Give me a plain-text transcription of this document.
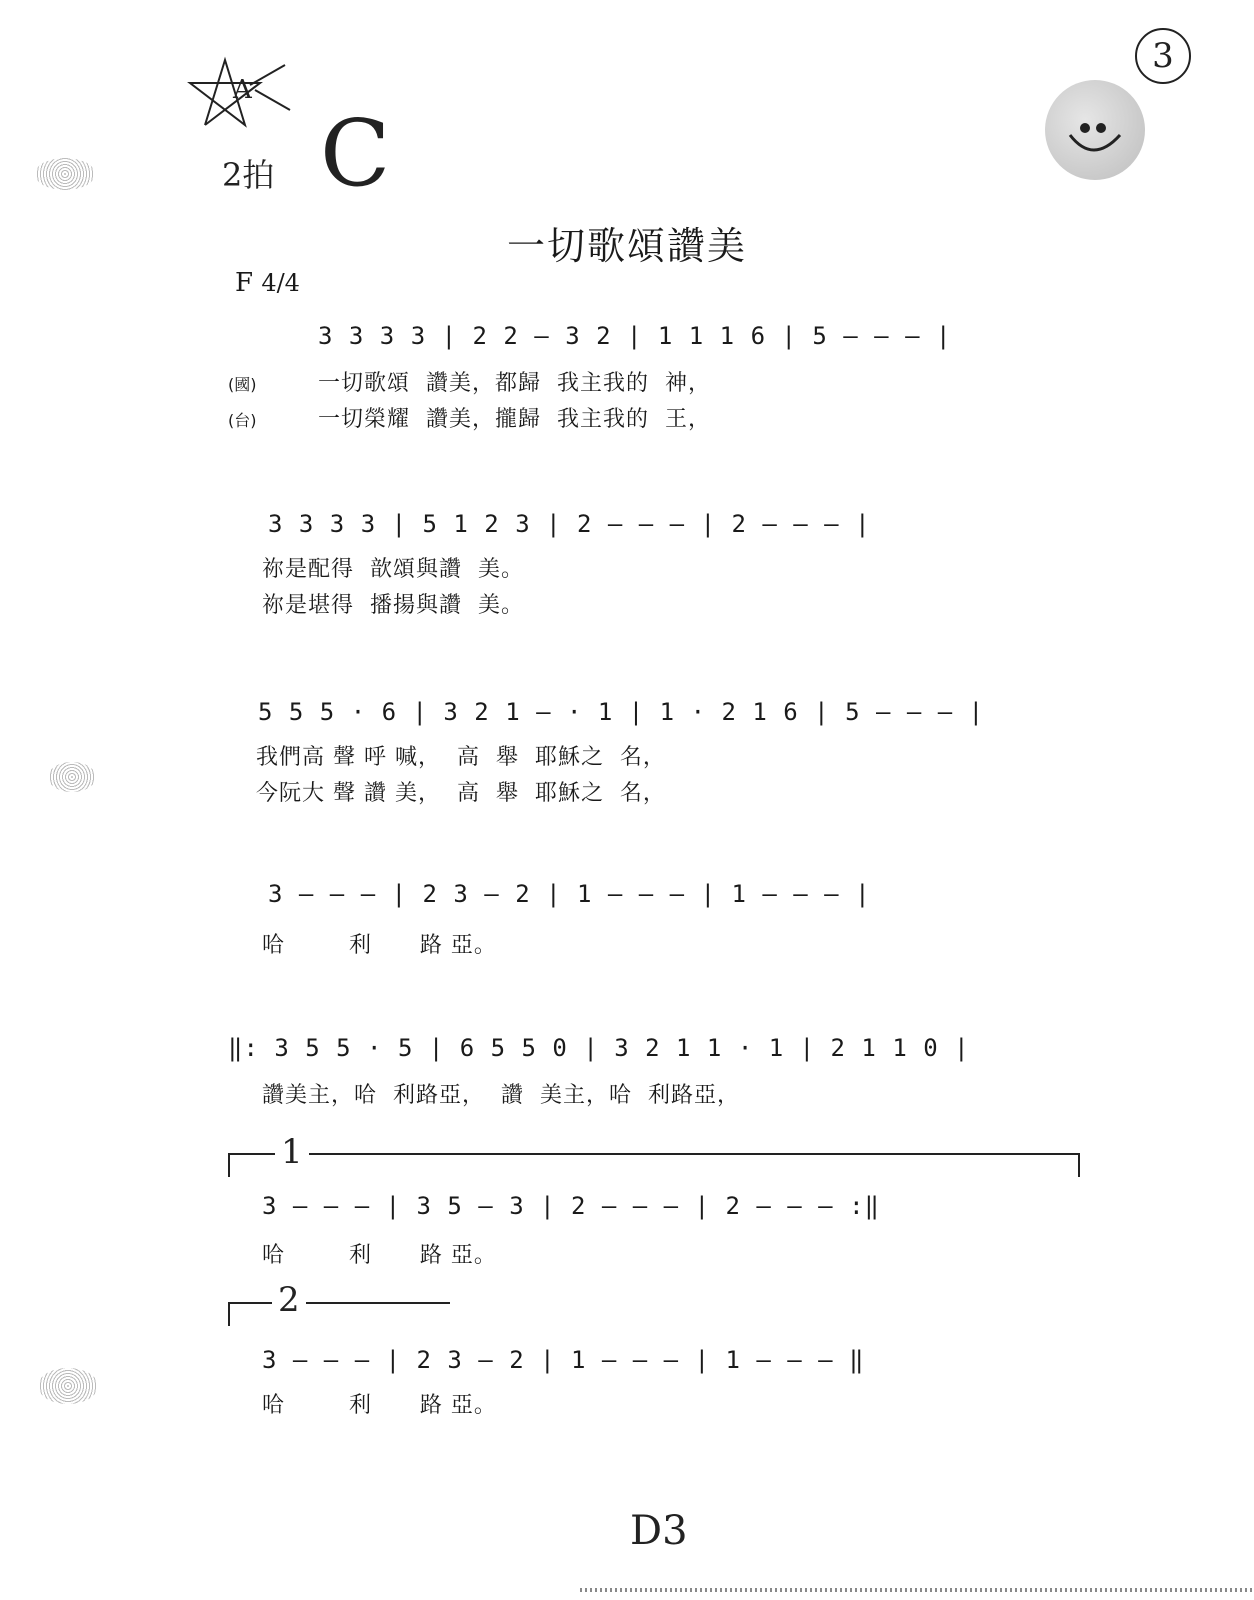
A
2拍 C
3
一切歌頌讚美
F 4/4
3 3 3 3 | 2 2 — 3 2 | 1 1 1 6 | 5 — — — |
(國)	一切歌頌  讚美，都歸  我主我的  神，
(台)	一切榮耀  讚美，攏歸  我主我的  王，
3 3 3 3 | 5 1 2 3 | 2 — — — | 2 — — — |
祢是配得  歆頌與讚  美。
祢是堪得  播揚與讚  美。
5 5 5 · 6 | 3 2 1 — · 1 | 1 · 2 1 6 | 5 — — — |
我們高 聲 呼 喊，  高  舉  耶穌之  名，
今阮大 聲 讚 美，  高  舉  耶穌之  名，
3 — — — | 2 3 — 2 | 1 — — — | 1 — — — |
哈        利      路 亞。
‖: 3 5 5 · 5 | 6 5 5 0 | 3 2 1 1 · 1 | 2 1 1 0 |
讚美主，哈  利路亞，  讚  美主，哈  利路亞，
1
3 — — — | 3 5 — 3 | 2 — — — | 2 — — — :‖
哈        利      路 亞。
2
3 — — — | 2 3 — 2 | 1 — — — | 1 — — — ‖
哈        利      路 亞。
D3
